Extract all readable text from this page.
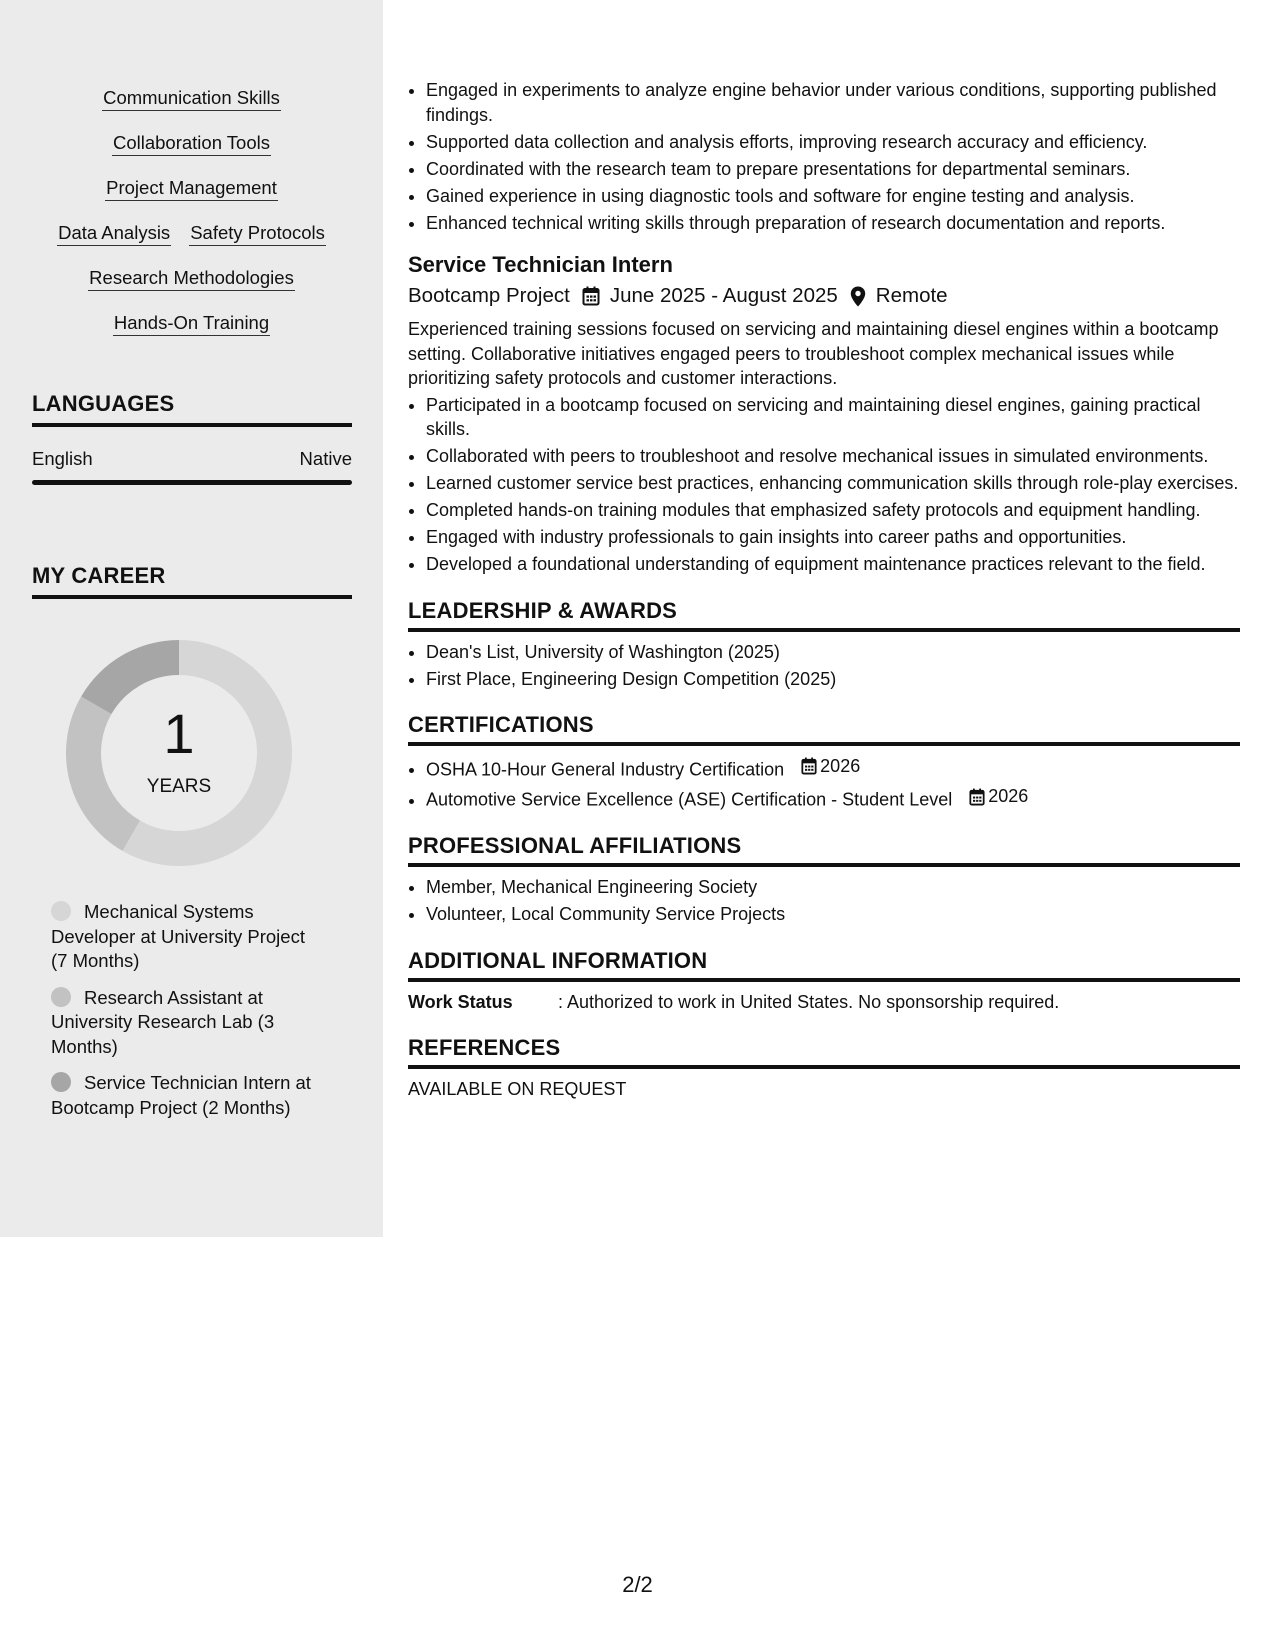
Communication Skills
Collaboration Tools
Project Management
Data Analysis Safety Protocols
Research Methodologies
Hands-On Training
LANGUAGES
English	Native
MY CAREER
1
YEARS
Mechanical Systems Developer at University Project (7 Months)
Research Assistant at University Research Lab (3 Months)
Service Technician Intern at Bootcamp Project (2 Months)
• Engaged in experiments to analyze engine behavior under various conditions, supporting published findings.
• Supported data collection and analysis efforts, improving research accuracy and efficiency.
• Coordinated with the research team to prepare presentations for departmental seminars.
• Gained experience in using diagnostic tools and software for engine testing and analysis.
• Enhanced technical writing skills through preparation of research documentation and reports.
Service Technician Intern
Bootcamp Project June 2025 - August 2025 Remote
Experienced training sessions focused on servicing and maintaining diesel engines within a bootcamp setting. Collaborative initiatives engaged peers to troubleshoot complex mechanical issues while prioritizing safety protocols and customer interactions.
• Participated in a bootcamp focused on servicing and maintaining diesel engines, gaining practical skills.
• Collaborated with peers to troubleshoot and resolve mechanical issues in simulated environments.
• Learned customer service best practices, enhancing communication skills through role-play exercises.
• Completed hands-on training modules that emphasized safety protocols and equipment handling.
• Engaged with industry professionals to gain insights into career paths and opportunities.
• Developed a foundational understanding of equipment maintenance practices relevant to the field.
LEADERSHIP & AWARDS
• Dean's List, University of Washington (2025)
• First Place, Engineering Design Competition (2025)
CERTIFICATIONS
• OSHA 10-Hour General Industry Certification 2026
• Automotive Service Excellence (ASE) Certification - Student Level 2026
PROFESSIONAL AFFILIATIONS
• Member, Mechanical Engineering Society
• Volunteer, Local Community Service Projects
ADDITIONAL INFORMATION
Work Status	: Authorized to work in United States. No sponsorship required.
REFERENCES
AVAILABLE ON REQUEST
2/2
